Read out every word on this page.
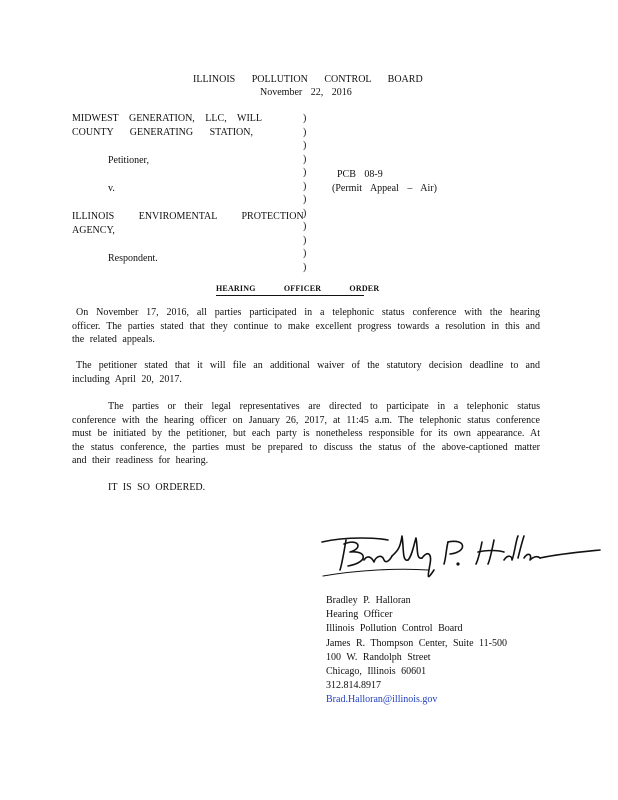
ILLINOIS POLLUTION CONTROL BOARD
November 22, 2016
MIDWEST GENERATION, LLC, WILL
COUNTY GENERATING STATION,
Petitioner,
v.
ILLINOIS ENVIROMENTAL PROTECTION
AGENCY,
Respondent.
)
)
)
)
)
)
)
)
)
)
)
)
PCB 08-9
(Permit Appeal – Air)
HEARING OFFICER ORDER
On November 17, 2016, all parties participated in a telephonic status conference with the hearing officer. The parties stated that they continue to make excellent progress towards a resolution in this and the related appeals.
The petitioner stated that it will file an additional waiver of the statutory decision deadline to and including April 20, 2017.
The parties or their legal representatives are directed to participate in a telephonic status conference with the hearing officer on January 26, 2017, at 11:45 a.m. The telephonic status conference must be initiated by the petitioner, but each party is nonetheless responsible for its own appearance. At the status conference, the parties must be prepared to discuss the status of the above-captioned matter and their readiness for hearing.
IT IS SO ORDERED.
Bradley P. Halloran
Hearing Officer
Illinois Pollution Control Board
James R. Thompson Center, Suite 11-500
100 W. Randolph Street
Chicago, Illinois 60601
312.814.8917
Brad.Halloran@illinois.gov
